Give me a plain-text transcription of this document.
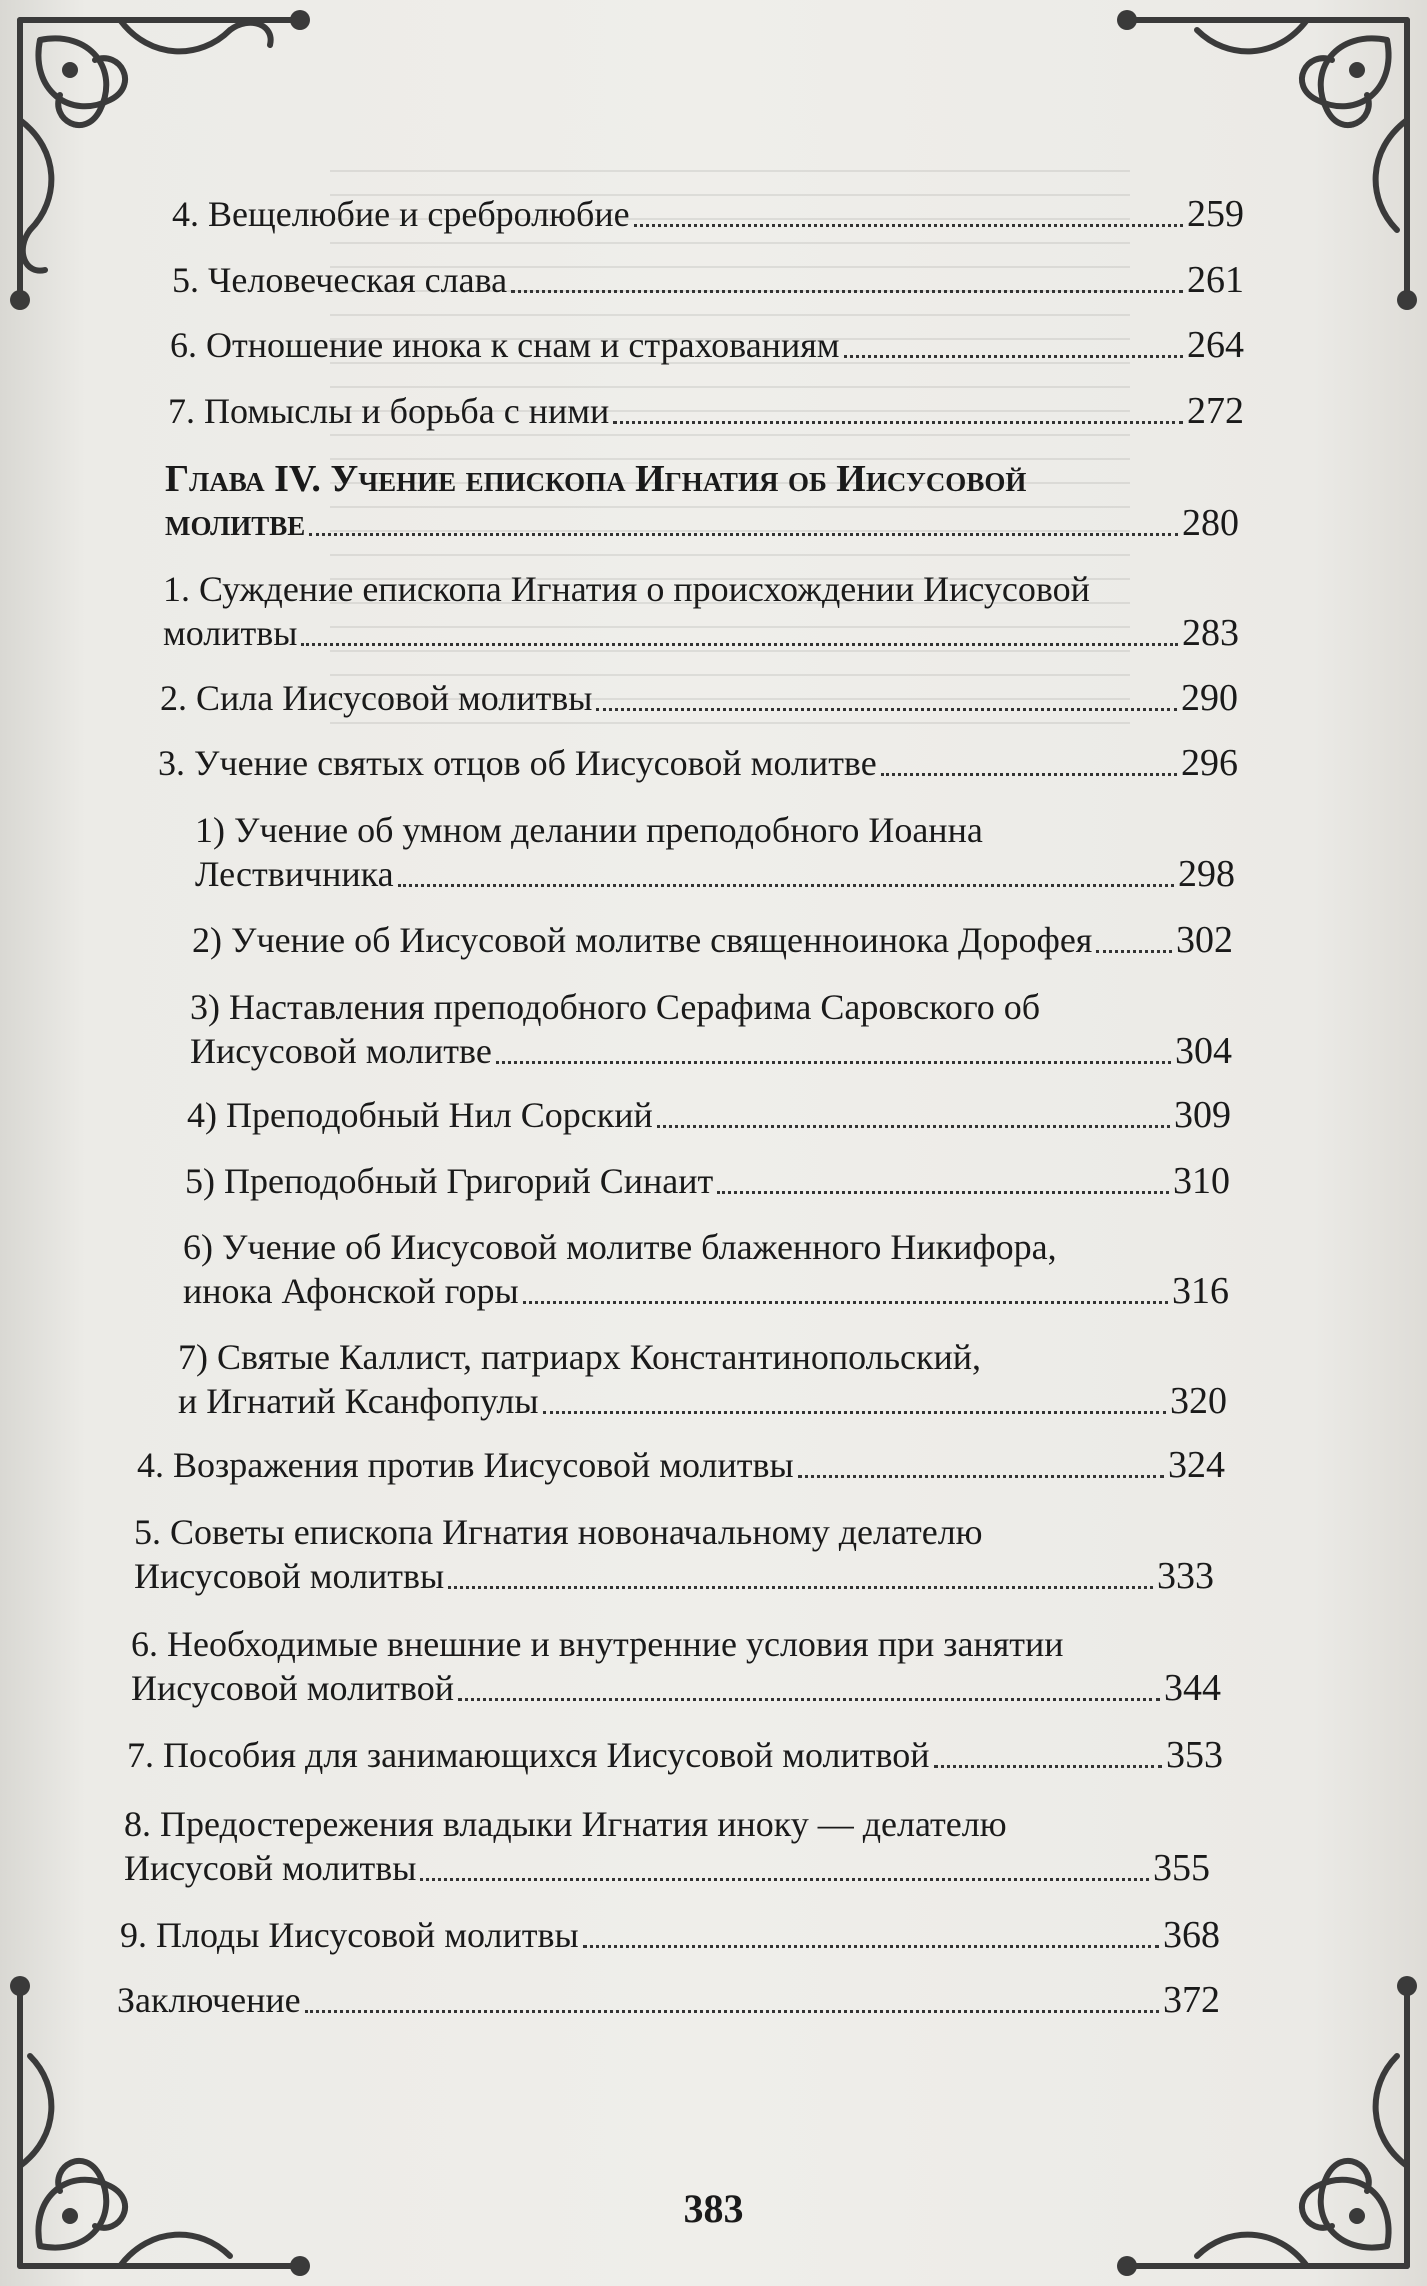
4. Вещелюбие и сребролюбие	259
5. Человеческая слава	261
6. Отношение инока к снам и страхованиям	264
7. Помыслы и борьба с ними	272
Глава IV. Учение епископа Игнатия об Иисусовой
молитве	280
1. Суждение епископа Игнатия о происхождении Иисусовой
молитвы	283
2. Сила Иисусовой молитвы	290
3. Учение святых отцов об Иисусовой молитве	296
1) Учение об умном делании преподобного Иоанна
Лествичника	298
2) Учение об Иисусовой молитве священноинока Дорофея 302
3) Наставления преподобного Серафима Саровского об
Иисусовой молитве	304
4) Преподобный Нил Сорский	309
5) Преподобный Григорий Синаит	310
6) Учение об Иисусовой молитве блаженного Никифора,
инока Афонской горы	316
7) Святые Каллист, патриарх Константинопольский,
и Игнатий Ксанфопулы	320
4. Возражения против Иисусовой молитвы	324
5. Советы епископа Игнатия новоначальному делателю
Иисусовой молитвы	333
6. Необходимые внешние и внутренние условия при занятии
Иисусовой молитвой	344
7. Пособия для занимающихся Иисусовой молитвой	353
8. Предостережения владыки Игнатия иноку — делателю
Иисусовй молитвы	355
9. Плоды Иисусовой молитвы	368
Заключение	372
383
